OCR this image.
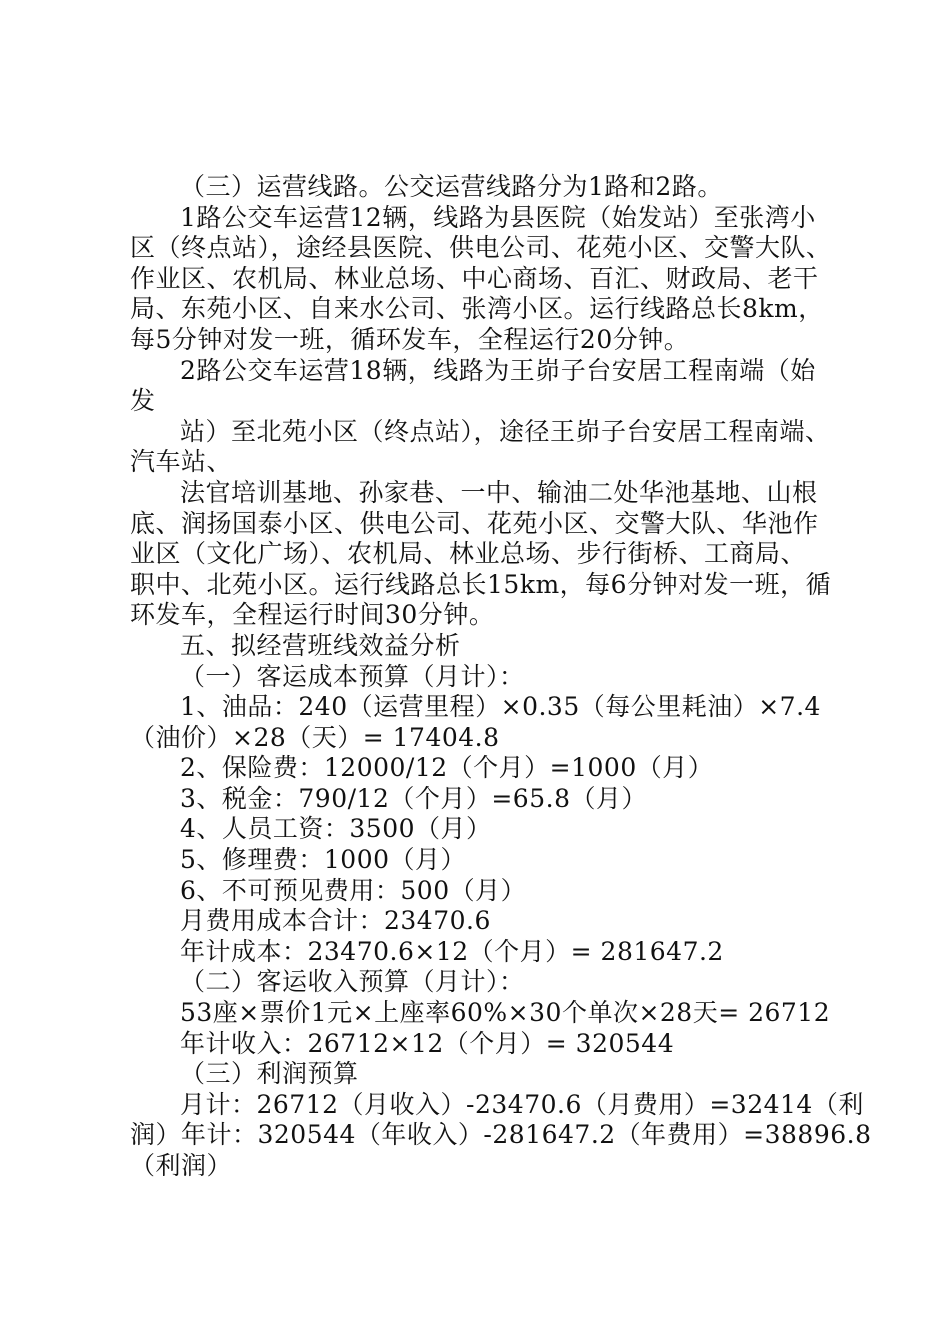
（三）运营线路。公交运营线路分为1路和2路。
1路公交车运营12辆，线路为县医院（始发站）至张湾小
区（终点站），途经县医院、供电公司、花苑小区、交警大队、
作业区、农机局、林业总场、中心商场、百汇、财政局、老干
局、东苑小区、自来水公司、张湾小区。运行线路总长8km，
每5分钟对发一班，循环发车，全程运行20分钟。
2路公交车运营18辆，线路为王峁子台安居工程南端（始
发
站）至北苑小区（终点站），途径王峁子台安居工程南端、
汽车站、
法官培训基地、孙家巷、一中、输油二处华池基地、山根
底、润扬国泰小区、供电公司、花苑小区、交警大队、华池作
业区（文化广场）、农机局、林业总场、步行街桥、工商局、
职中、北苑小区。运行线路总长15km，每6分钟对发一班，循
环发车，全程运行时间30分钟。
五、拟经营班线效益分析
（一）客运成本预算（月计）：
1、油品：240（运营里程）×0.35（每公里耗油）×7.4
（油价）×28（天）= 17404.8
2、保险费：12000/12（个月）=1000（月）
3、税金：790/12（个月）=65.8（月）
4、人员工资：3500（月）
5、修理费：1000（月）
6、不可预见费用：500（月）
月费用成本合计：23470.6
年计成本：23470.6×12（个月）= 281647.2
（二）客运收入预算（月计）：
53座×票价1元×上座率60%×30个单次×28天= 26712
年计收入：26712×12（个月）= 320544
（三）利润预算
月计：26712（月收入）-23470.6（月费用）=32414（利
润）年计：320544（年收入）-281647.2（年费用）=38896.8
（利润）
